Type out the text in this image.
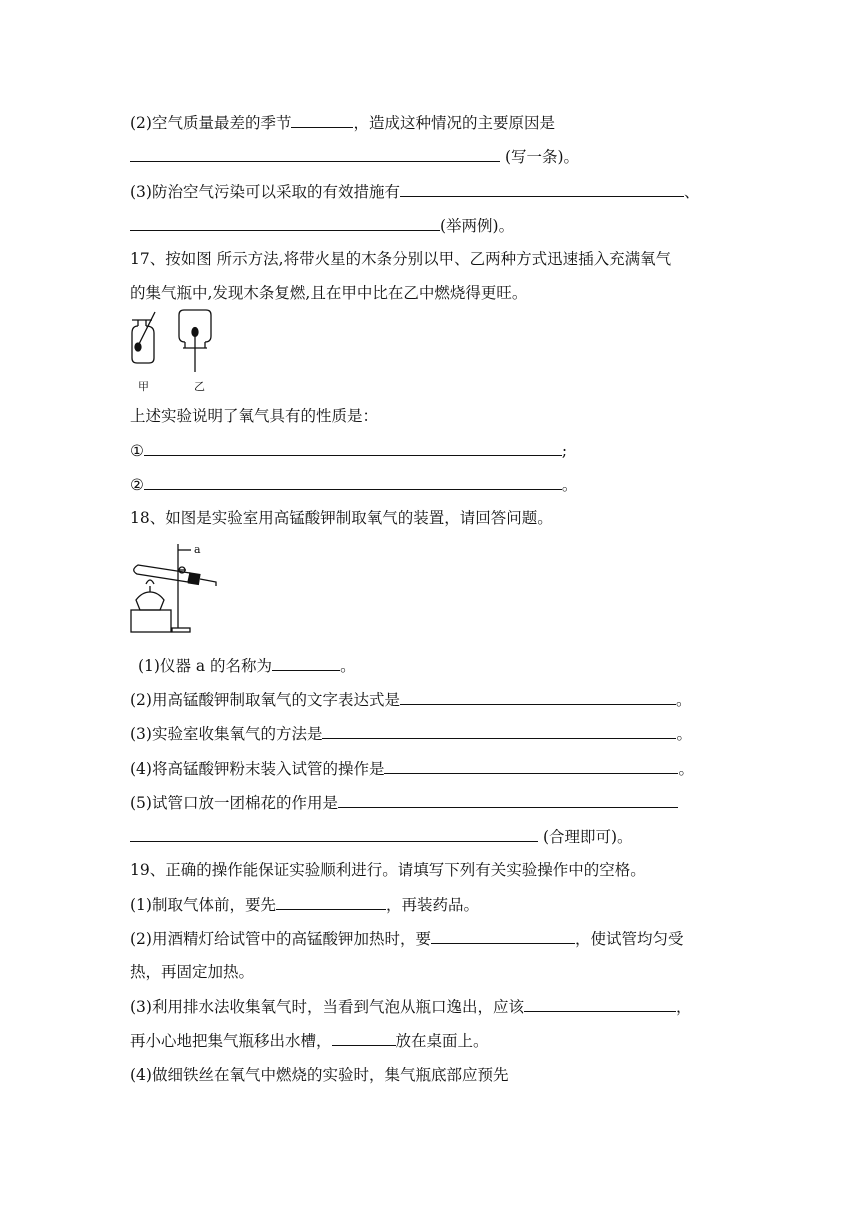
(2)空气质量最差的季节	，造成这种情况的主要原因是
(写一条)。
(3)防治空气污染可以采取的有效措施有	、
(举两例)。
17、按如图 所示方法,将带火星的木条分别以甲、乙两种方式迅速插入充满氧气
的集气瓶中,发现木条复燃,且在甲中比在乙中燃烧得更旺。
甲	乙
上述实验说明了氧气具有的性质是：
①	;
②	。
18、如图是实验室用高锰酸钾制取氧气的装置，请回答问题。
a
(1)仪器 a 的名称为	。
(2)用高锰酸钾制取氧气的文字表达式是	。
(3)实验室收集氧气的方法是	。
(4)将高锰酸钾粉末装入试管的操作是	。
(5)试管口放一团棉花的作用是
(合理即可)。
19、正确的操作能保证实验顺利进行。请填写下列有关实验操作中的空格。
(1)制取气体前，要先	，再装药品。
(2)用酒精灯给试管中的高锰酸钾加热时，要	，使试管均匀受
热，再固定加热。
(3)利用排水法收集氧气时，当看到气泡从瓶口逸出，应该	，
再小心地把集气瓶移出水槽，	放在桌面上。
(4)做细铁丝在氧气中燃烧的实验时，集气瓶底部应预先
